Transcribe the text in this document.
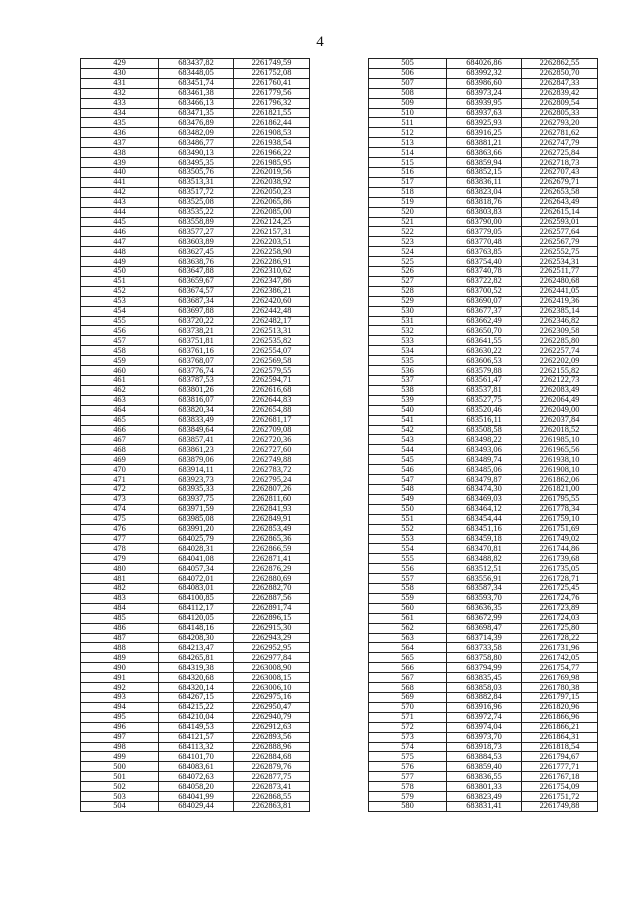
4
429	683437,82	2261749,59
430	683448,05	2261752,08
431	683451,74	2261760,41
432	683461,38	2261779,56
433	683466,13	2261796,32
434	683471,35	2261821,55
435	683476,89	2261862,44
436	683482,09	2261908,53
437	683486,77	2261938,54
438	683490,13	2261966,22
439	683495,35	2261985,95
440	683505,76	2262019,56
441	683513,31	2262038,92
442	683517,72	2262050,23
443	683525,08	2262065,86
444	683535,22	2262085,00
445	683558,89	2262124,25
446	683577,27	2262157,31
447	683603,89	2262203,51
448	683627,45	2262258,90
449	683638,76	2262286,91
450	683647,88	2262310,62
451	683659,67	2262347,86
452	683674,57	2262386,21
453	683687,34	2262420,60
454	683697,88	2262442,48
455	683720,22	2262482,17
456	683738,21	2262513,31
457	683751,81	2262535,82
458	683761,16	2262554,07
459	683768,07	2262569,58
460	683776,74	2262579,55
461	683787,53	2262594,71
462	683801,26	2262616,68
463	683816,07	2262644,83
464	683820,34	2262654,88
465	683833,49	2262681,17
466	683849,64	2262709,08
467	683857,41	2262720,36
468	683861,23	2262727,60
469	683879,06	2262749,88
470	683914,11	2262783,72
471	683923,73	2262795,24
472	683935,33	2262807,26
473	683937,75	2262811,60
474	683971,59	2262841,93
475	683985,08	2262849,91
476	683991,20	2262853,49
477	684025,79	2262865,36
478	684028,31	2262866,59
479	684041,08	2262871,41
480	684057,34	2262876,29
481	684072,01	2262880,69
482	684083,01	2262882,70
483	684100,85	2262887,56
484	684112,17	2262891,74
485	684120,05	2262896,15
486	684148,16	2262915,30
487	684208,30	2262943,29
488	684213,47	2262952,95
489	684265,81	2262977,84
490	684319,38	2263008,90
491	684320,68	2263008,15
492	684320,14	2263006,10
493	684267,15	2262975,16
494	684215,22	2262950,47
495	684210,04	2262940,79
496	684149,53	2262912,63
497	684121,57	2262893,56
498	684113,32	2262888,96
499	684101,70	2262884,68
500	684083,61	2262879,76
501	684072,63	2262877,75
502	684058,20	2262873,41
503	684041,99	2262868,55
504	684029,44	2262863,81
505	684026,86	2262862,55
506	683992,32	2262850,70
507	683986,60	2262847,33
508	683973,24	2262839,42
509	683939,95	2262809,54
510	683937,63	2262805,33
511	683925,93	2262793,20
512	683916,25	2262781,62
513	683881,21	2262747,79
514	683863,66	2262725,84
515	683859,94	2262718,73
516	683852,15	2262707,43
517	683836,11	2262679,71
518	683823,04	2262653,58
519	683818,76	2262643,49
520	683803,83	2262615,14
521	683790,00	2262593,01
522	683779,05	2262577,64
523	683770,48	2262567,79
524	683763,85	2262552,75
525	683754,40	2262534,31
526	683740,78	2262511,77
527	683722,82	2262480,68
528	683700,52	2262441,05
529	683690,07	2262419,36
530	683677,37	2262385,14
531	683662,49	2262346,82
532	683650,70	2262309,58
533	683641,55	2262285,80
534	683630,22	2262257,74
535	683606,53	2262202,09
536	683579,88	2262155,82
537	683561,47	2262122,73
538	683537,81	2262083,49
539	683527,75	2262064,49
540	683520,46	2262049,00
541	683516,11	2262037,84
542	683508,58	2262018,52
543	683498,22	2261985,10
544	683493,06	2261965,56
545	683489,74	2261938,10
546	683485,06	2261908,10
547	683479,87	2261862,06
548	683474,30	2261821,00
549	683469,03	2261795,55
550	683464,12	2261778,34
551	683454,44	2261759,10
552	683451,16	2261751,69
553	683459,18	2261749,02
554	683470,81	2261744,86
555	683488,82	2261739,68
556	683512,51	2261735,05
557	683556,91	2261728,71
558	683587,34	2261725,45
559	683593,70	2261724,76
560	683636,35	2261723,89
561	683672,99	2261724,03
562	683698,47	2261725,80
563	683714,39	2261728,22
564	683733,58	2261731,96
565	683758,80	2261742,05
566	683794,99	2261754,77
567	683835,45	2261769,98
568	683858,03	2261780,38
569	683882,84	2261797,15
570	683916,96	2261820,96
571	683972,74	2261866,96
572	683974,04	2261866,21
573	683973,70	2261864,31
574	683918,73	2261818,54
575	683884,53	2261794,67
576	683859,40	2261777,71
577	683836,55	2261767,18
578	683801,33	2261754,09
579	683823,49	2261751,72
580	683831,41	2261749,88
